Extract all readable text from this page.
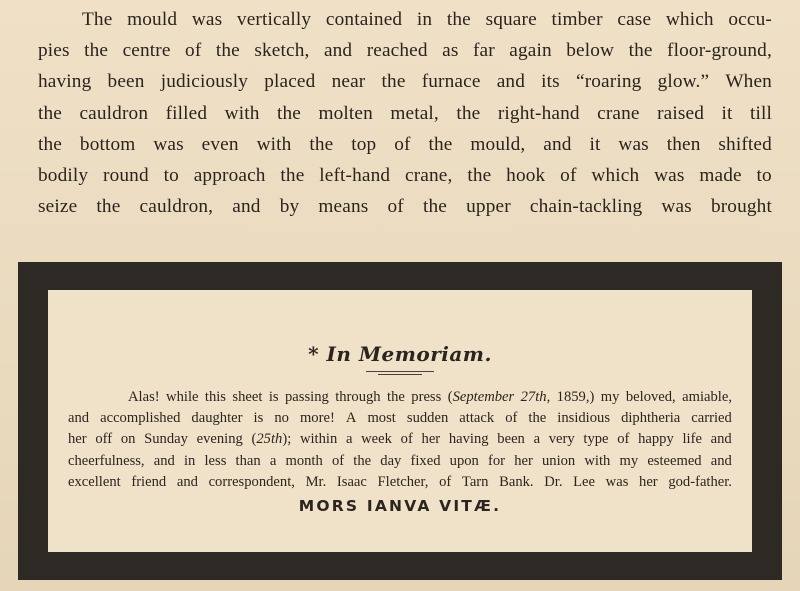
The mould was vertically contained in the square timber case which occu-
pies the centre of the sketch, and reached as far again below the floor-ground,
having been judiciously placed near the furnace and its “roaring glow.” When
the cauldron filled with the molten metal, the right-hand crane raised it till
the bottom was even with the top of the mould, and it was then shifted
bodily round to approach the left-hand crane, the hook of which was made to
seize the cauldron, and by means of the upper chain-tackling was brought
* In Memoriam.
Alas! while this sheet is passing through the press (September 27th, 1859,) my beloved, amiable,
and accomplished daughter is no more! A most sudden attack of the insidious diphtheria carried
her off on Sunday evening (25th); within a week of her having been a very type of happy life and
cheerfulness, and in less than a month of the day fixed upon for her union with my esteemed and
excellent friend and correspondent, Mr. Isaac Fletcher, of Tarn Bank. Dr. Lee was her god-father.
MORS IANVA VITÆ.
